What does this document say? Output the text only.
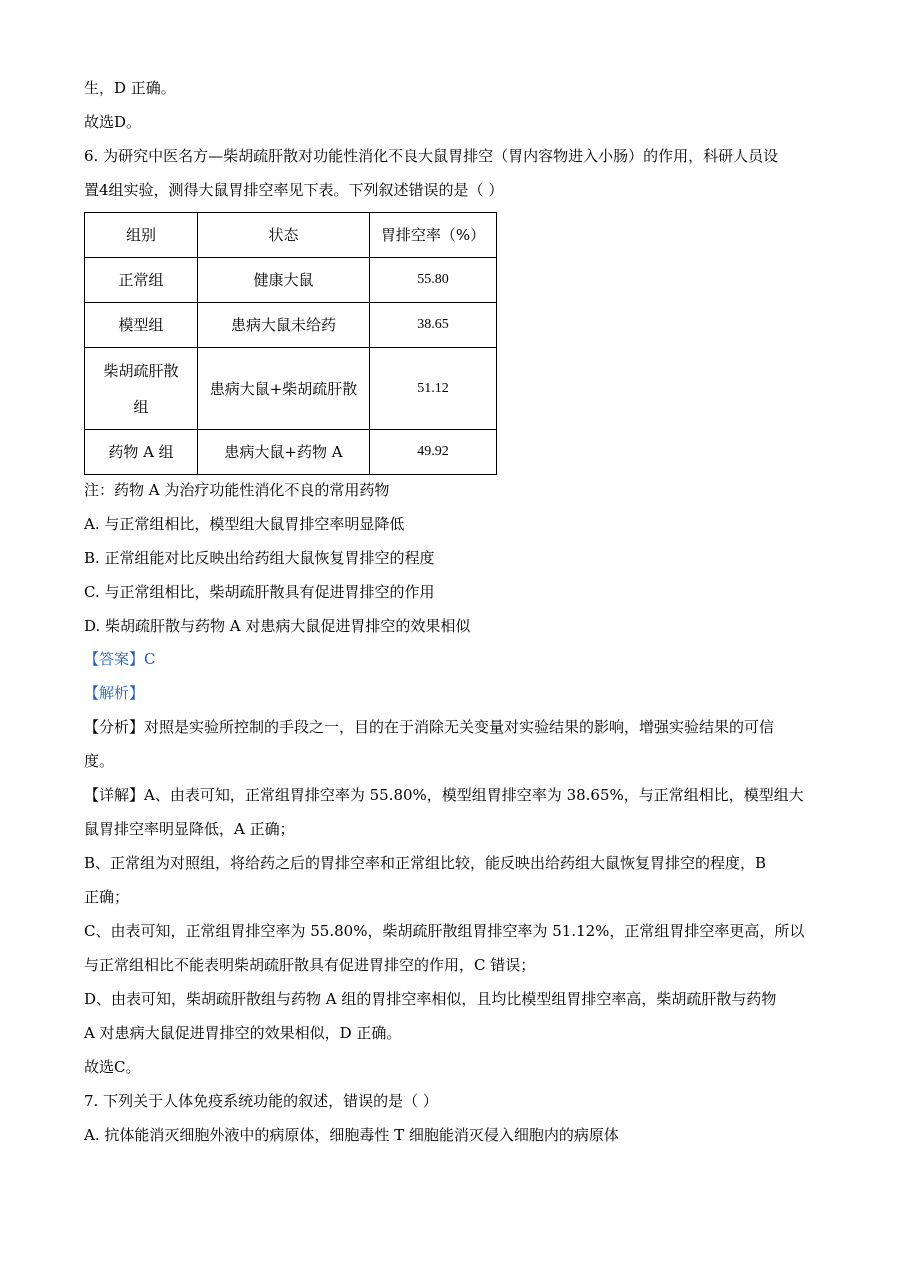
生，D 正确。
故选D。
6. 为研究中医名方—柴胡疏肝散对功能性消化不良大鼠胃排空（胃内容物进入小肠）的作用，科研人员设
置4组实验，测得大鼠胃排空率见下表。下列叙述错误的是（ ）
组别	状态	胃排空率（%）
正常组	健康大鼠	55.80
模型组	患病大鼠未给药	38.65

柴胡疏肝散
组	患病大鼠+柴胡疏肝散	51.12
药物 A 组	患病大鼠+药物 A	49.92
注：药物 A 为治疗功能性消化不良的常用药物
A. 与正常组相比，模型组大鼠胃排空率明显降低
B. 正常组能对比反映出给药组大鼠恢复胃排空的程度
C. 与正常组相比，柴胡疏肝散具有促进胃排空的作用
D. 柴胡疏肝散与药物 A 对患病大鼠促进胃排空的效果相似
【答案】C
【解析】
【分析】对照是实验所控制的手段之一，目的在于消除无关变量对实验结果的影响，增强实验结果的可信
度。
【详解】A、由表可知，正常组胃排空率为 55.80%，模型组胃排空率为 38.65%，与正常组相比，模型组大
鼠胃排空率明显降低，A 正确；
B、正常组为对照组，将给药之后的胃排空率和正常组比较，能反映出给药组大鼠恢复胃排空的程度，B
正确；
C、由表可知，正常组胃排空率为 55.80%，柴胡疏肝散组胃排空率为 51.12%，正常组胃排空率更高，所以
与正常组相比不能表明柴胡疏肝散具有促进胃排空的作用，C 错误；
D、由表可知，柴胡疏肝散组与药物 A 组的胃排空率相似，且均比模型组胃排空率高，柴胡疏肝散与药物
A 对患病大鼠促进胃排空的效果相似，D 正确。
故选C。
7. 下列关于人体免疫系统功能的叙述，错误的是（ ）
A. 抗体能消灭细胞外液中的病原体，细胞毒性 T 细胞能消灭侵入细胞内的病原体
